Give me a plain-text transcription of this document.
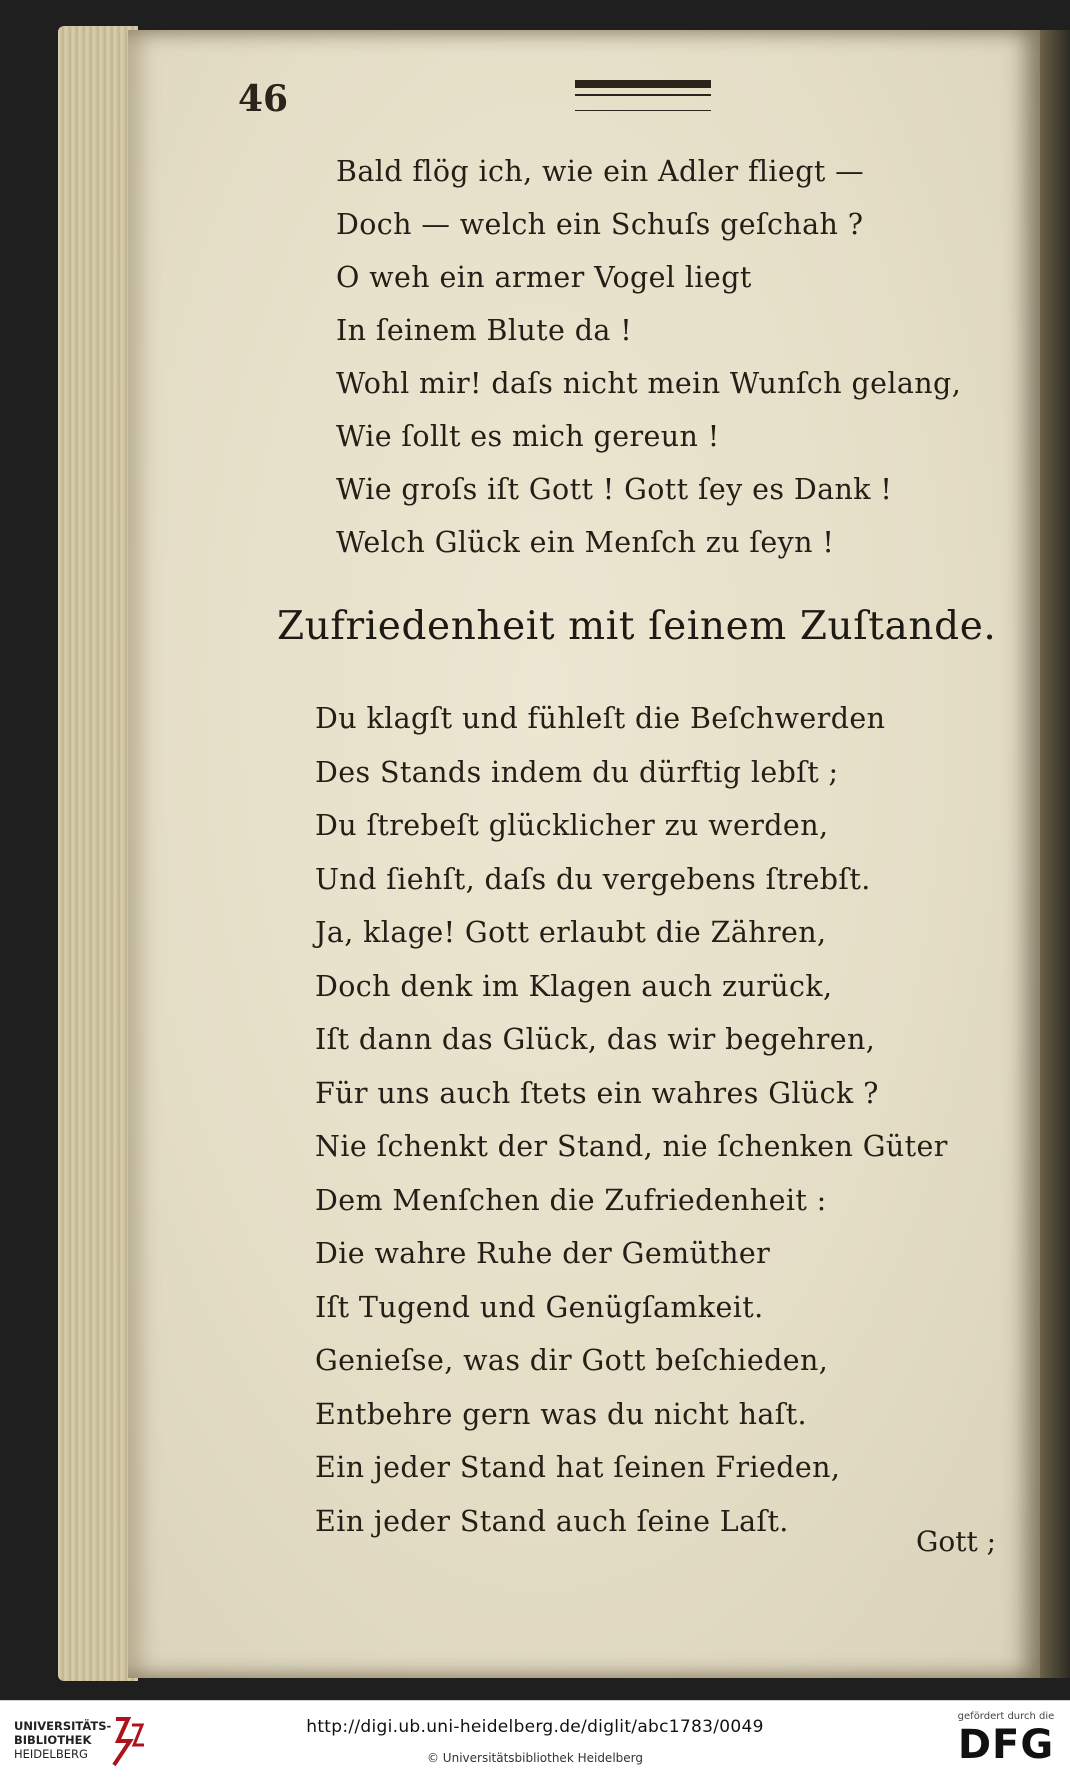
46
Bald flög ich, wie ein Adler fliegt —
Doch — welch ein Schuſs geſchah ?
O weh ein armer Vogel liegt
In ſeinem Blute da !
Wohl mir! daſs nicht mein Wunſch gelang,
Wie ſollt es mich gereun !
Wie groſs iſt Gott ! Gott ſey es Dank !
Welch Glück ein Menſch zu ſeyn !
Zufriedenheit mit ſeinem Zuſtande.
Du klagſt und fühleſt die Beſchwerden
Des Stands indem du dürftig lebſt ;
Du ſtrebeſt glücklicher zu werden,
Und ſiehſt, daſs du vergebens ſtrebſt.
Ja, klage! Gott erlaubt die Zähren,
Doch denk im Klagen auch zurück,
Iſt dann das Glück, das wir begehren,
Für uns auch ſtets ein wahres Glück ?
Nie ſchenkt der Stand, nie ſchenken Güter
Dem Menſchen die Zufriedenheit :
Die wahre Ruhe der Gemüther
Iſt Tugend und Genügſamkeit.
Genieſse, was dir Gott beſchieden,
Entbehre gern was du nicht haſt.
Ein jeder Stand hat ſeinen Frieden,
Ein jeder Stand auch ſeine Laſt.
Gott ;
UNIVERSITÄTS-
BIBLIOTHEK
HEIDELBERG
http://digi.ub.uni-heidelberg.de/diglit/abc1783/0049
© Universitätsbibliothek Heidelberg
gefördert durch die
DFG
